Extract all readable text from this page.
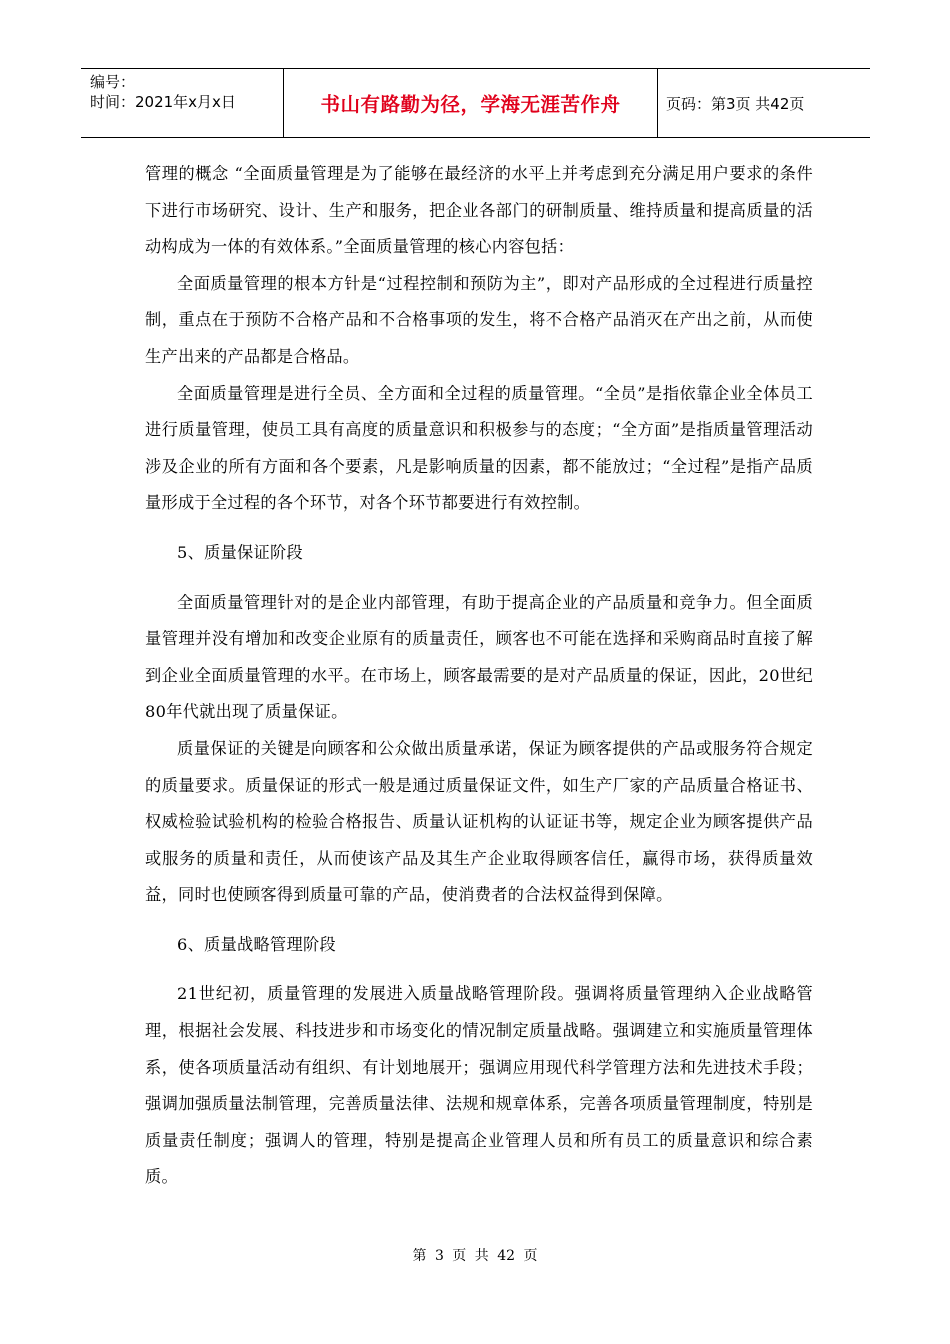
编号：
时间：2021年x月x日	书山有路勤为径，学海无涯苦作舟	页码：第3页 共42页

管理的概念 “全面质量管理是为了能够在最经济的水平上并考虑到充分满足用户要求的条件下进行市场研究、设计、生产和服务，把企业各部门的研制质量、维持质量和提高质量的活动构成为一体的有效体系。”全面质量管理的核心内容包括：

全面质量管理的根本方针是“过程控制和预防为主”，即对产品形成的全过程进行质量控制，重点在于预防不合格产品和不合格事项的发生，将不合格产品消灭在产出之前，从而使生产出来的产品都是合格品。

全面质量管理是进行全员、全方面和全过程的质量管理。“全员”是指依靠企业全体员工进行质量管理，使员工具有高度的质量意识和积极参与的态度；“全方面”是指质量管理活动涉及企业的所有方面和各个要素，凡是影响质量的因素，都不能放过；“全过程”是指产品质量形成于全过程的各个环节，对各个环节都要进行有效控制。

5、质量保证阶段

全面质量管理针对的是企业内部管理，有助于提高企业的产品质量和竞争力。但全面质量管理并没有增加和改变企业原有的质量责任，顾客也不可能在选择和采购商品时直接了解到企业全面质量管理的水平。在市场上，顾客最需要的是对产品质量的保证，因此，20世纪80年代就出现了质量保证。

质量保证的关键是向顾客和公众做出质量承诺，保证为顾客提供的产品或服务符合规定的质量要求。质量保证的形式一般是通过质量保证文件，如生产厂家的产品质量合格证书、权威检验试验机构的检验合格报告、质量认证机构的认证证书等，规定企业为顾客提供产品或服务的质量和责任，从而使该产品及其生产企业取得顾客信任，赢得市场，获得质量效益，同时也使顾客得到质量可靠的产品，使消费者的合法权益得到保障。

6、质量战略管理阶段

21世纪初，质量管理的发展进入质量战略管理阶段。强调将质量管理纳入企业战略管理，根据社会发展、科技进步和市场变化的情况制定质量战略。强调建立和实施质量管理体系，使各项质量活动有组织、有计划地展开；强调应用现代科学管理方法和先进技术手段；强调加强质量法制管理，完善质量法律、法规和规章体系，完善各项质量管理制度，特别是质量责任制度；强调人的管理，特别是提高企业管理人员和所有员工的质量意识和综合素质。

第 3 页 共 42 页
